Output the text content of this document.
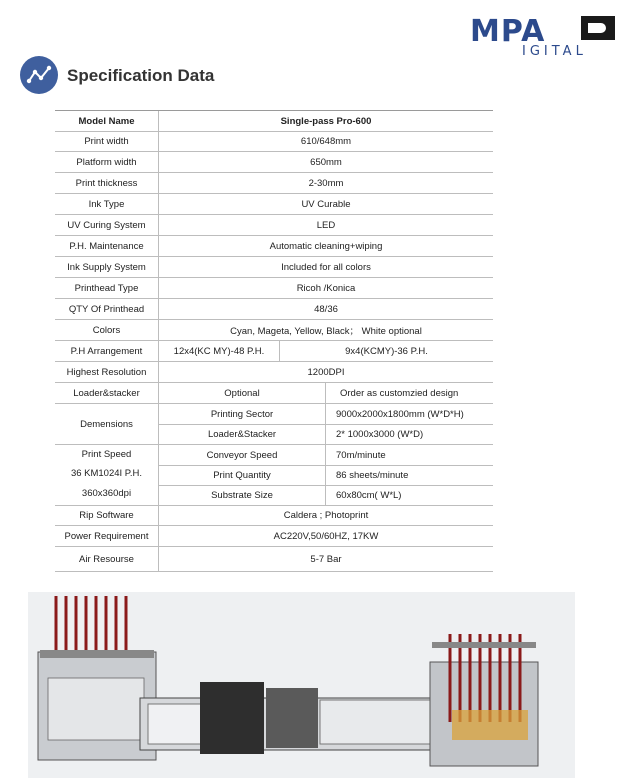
MPA
IGITAL
Specification Data
Model Name	Single-pass Pro-600
Print width	610/648mm
Platform width	650mm
Print thickness	2-30mm
Ink Type	UV Curable
UV Curing System	LED
P.H. Maintenance	Automatic cleaning+wiping
Ink Supply System	Included for all colors
Printhead Type	Ricoh /Konica
QTY Of Printhead	48/36
Colors	Cyan, Mageta, Yellow, Black； White optional
P.H Arrangement	12x4(KC MY)-48 P.H.	9x4(KCMY)-36 P.H.
Highest Resolution	1200DPI
Loader&stacker	Optional	Order as customzied design
Demensions
Printing Sector	9000x2000x1800mm (W*D*H)
Loader&Stacker	2* 1000x3000 (W*D)
Print Speed
36 KM1024I P.H.
360x360dpi
Conveyor Speed	70m/minute
Print Quantity	86 sheets/minute
Substrate Size	60x80cm( W*L)
Rip Software	Caldera ; Photoprint
Power Requirement	AC220V,50/60HZ, 17KW
Air Resourse	5-7 Bar
